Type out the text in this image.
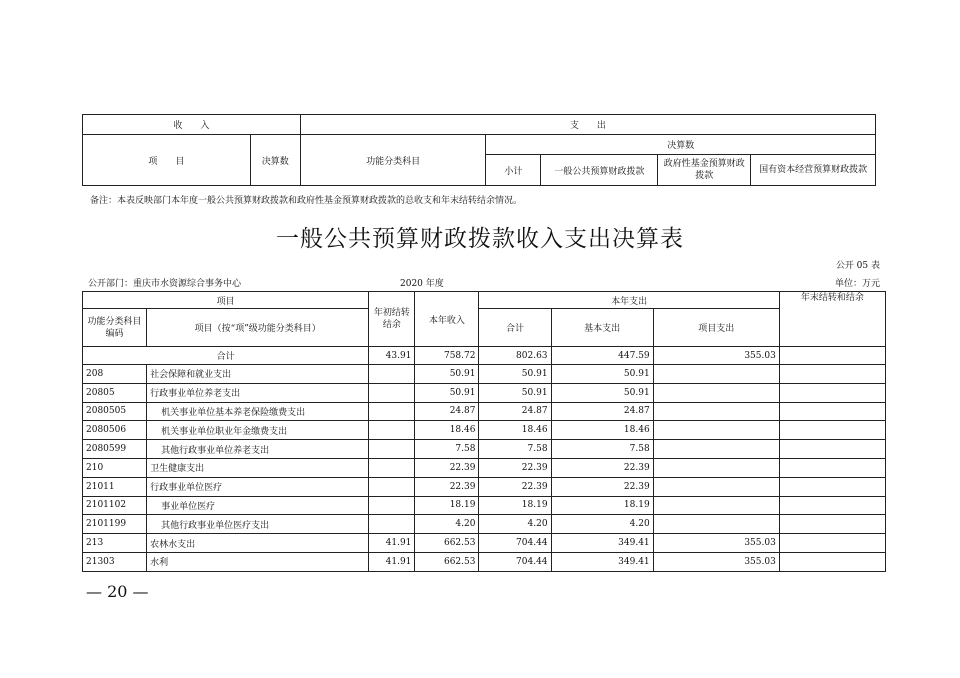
收　　入		支　　出				
项　　目	决算数	功能分类科目	决算数			
			小计	一般公共预算财政拨款	政府性基金预算财政拨款	国有资本经营预算财政拨款
备注：本表反映部门本年度一般公共预算财政拨款和政府性基金预算财政拨款的总收支和年末结转结余情况。
一般公共预算财政拨款收入支出决算表
公开 05 表
公开部门：重庆市水资源综合事务中心	2020 年度	单位：万元
项目		年初结转结余	本年收入	本年支出			年末结转和结余
功能分类科目编码	项目（按“项”级功能分类科目）			合计	基本支出	项目支出	
合计		43.91	758.72	802.63	447.59	355.03	
208	社会保障和就业支出		50.91	50.91	50.91		
20805	行政事业单位养老支出		50.91	50.91	50.91		
2080505	机关事业单位基本养老保险缴费支出		24.87	24.87	24.87		
2080506	机关事业单位职业年金缴费支出		18.46	18.46	18.46		
2080599	其他行政事业单位养老支出		7.58	7.58	7.58		
210	卫生健康支出		22.39	22.39	22.39		
21011	行政事业单位医疗		22.39	22.39	22.39		
2101102	事业单位医疗		18.19	18.19	18.19		
2101199	其他行政事业单位医疗支出		4.20	4.20	4.20		
213	农林水支出	41.91	662.53	704.44	349.41	355.03	
21303	水利	41.91	662.53	704.44	349.41	355.03	
— 20 —
